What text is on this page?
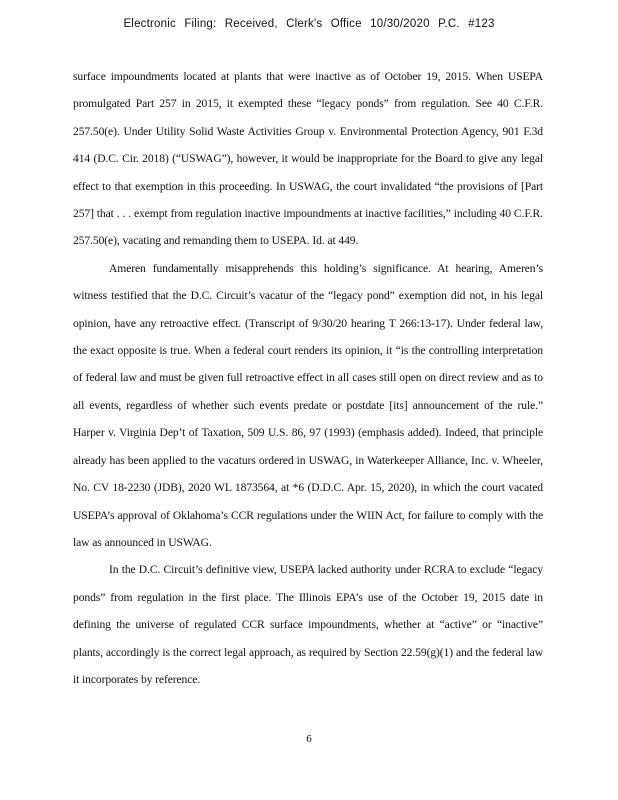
Electronic Filing: Received, Clerk's Office 10/30/2020 P.C. #123

surface impoundments located at plants that were inactive as of October 19, 2015. When USEPA promulgated Part 257 in 2015, it exempted these “legacy ponds” from regulation. See 40 C.F.R. 257.50(e). Under Utility Solid Waste Activities Group v. Environmental Protection Agency, 901 F.3d 414 (D.C. Cir. 2018) (“USWAG”), however, it would be inappropriate for the Board to give any legal effect to that exemption in this proceeding. In USWAG, the court invalidated “the provisions of [Part 257] that . . . exempt from regulation inactive impoundments at inactive facilities,” including 40 C.F.R. 257.50(e), vacating and remanding them to USEPA. Id. at 449.

Ameren fundamentally misapprehends this holding’s significance. At hearing, Ameren’s witness testified that the D.C. Circuit’s vacatur of the “legacy pond” exemption did not, in his legal opinion, have any retroactive effect. (Transcript of 9/30/20 hearing T 266:13-17). Under federal law, the exact opposite is true. When a federal court renders its opinion, it “is the controlling interpretation of federal law and must be given full retroactive effect in all cases still open on direct review and as to all events, regardless of whether such events predate or postdate [its] announcement of the rule.” Harper v. Virginia Dep’t of Taxation, 509 U.S. 86, 97 (1993) (emphasis added). Indeed, that principle already has been applied to the vacaturs ordered in USWAG, in Waterkeeper Alliance, Inc. v. Wheeler, No. CV 18-2230 (JDB), 2020 WL 1873564, at *6 (D.D.C. Apr. 15, 2020), in which the court vacated USEPA’s approval of Oklahoma’s CCR regulations under the WIIN Act, for failure to comply with the law as announced in USWAG.

In the D.C. Circuit’s definitive view, USEPA lacked authority under RCRA to exclude “legacy ponds” from regulation in the first place. The Illinois EPA’s use of the October 19, 2015 date in defining the universe of regulated CCR surface impoundments, whether at “active” or “inactive” plants, accordingly is the correct legal approach, as required by Section 22.59(g)(1) and the federal law it incorporates by reference.

6
